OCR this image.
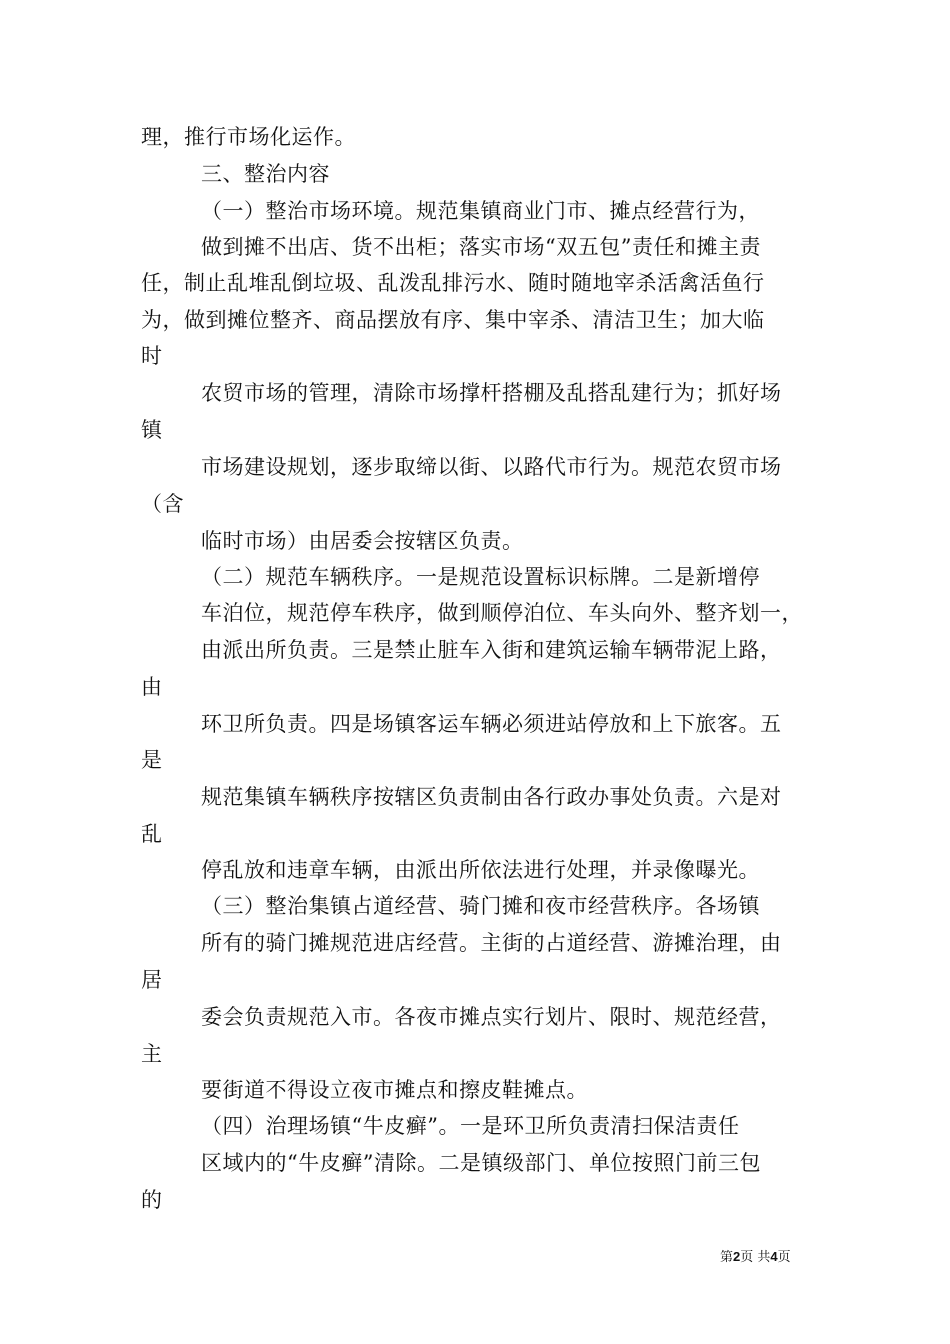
理，推行市场化运作。
三、整治内容
（一）整治市场环境。规范集镇商业门市、摊点经营行为，
做到摊不出店、货不出柜；落实市场“双五包”责任和摊主责
任，制止乱堆乱倒垃圾、乱泼乱排污水、随时随地宰杀活禽活鱼行
为，做到摊位整齐、商品摆放有序、集中宰杀、清洁卫生；加大临
时
农贸市场的管理，清除市场撑杆搭棚及乱搭乱建行为；抓好场
镇
市场建设规划，逐步取缔以街、以路代市行为。规范农贸市场
（含
临时市场）由居委会按辖区负责。
（二）规范车辆秩序。一是规范设置标识标牌。二是新增停
车泊位，规范停车秩序，做到顺停泊位、车头向外、整齐划一，
由派出所负责。三是禁止脏车入街和建筑运输车辆带泥上路，
由
环卫所负责。四是场镇客运车辆必须进站停放和上下旅客。五
是
规范集镇车辆秩序按辖区负责制由各行政办事处负责。六是对
乱
停乱放和违章车辆，由派出所依法进行处理，并录像曝光。
（三）整治集镇占道经营、骑门摊和夜市经营秩序。各场镇
所有的骑门摊规范进店经营。主街的占道经营、游摊治理，由
居
委会负责规范入市。各夜市摊点实行划片、限时、规范经营，
主
要街道不得设立夜市摊点和擦皮鞋摊点。
（四）治理场镇“牛皮癣”。一是环卫所负责清扫保洁责任
区域内的“牛皮癣”清除。二是镇级部门、单位按照门前三包
的
第2页 共4页
